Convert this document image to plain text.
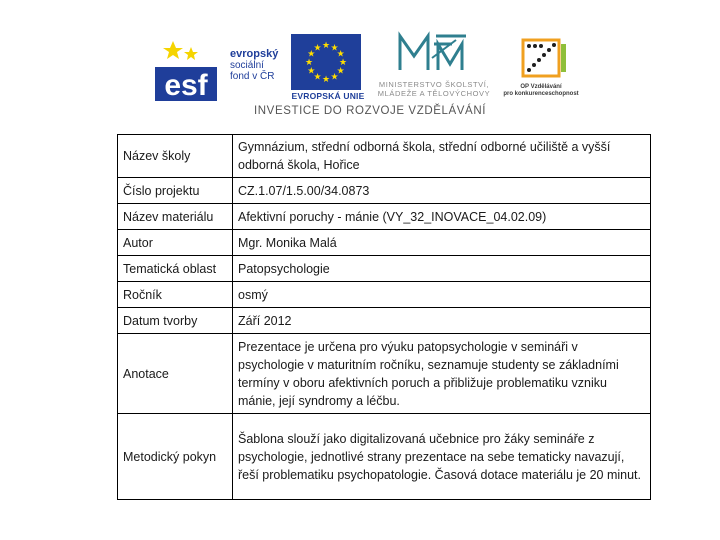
esf
evropský
sociální
fond v ČR
★ ★
★
★
★
★
★
★
★
★
★
★
EVROPSKÁ UNIE
MINISTERSTVO ŠKOLSTVÍ,
MLÁDEŽE A TĚLOVÝCHOVY
OP Vzdělávání
pro konkurenceschopnost
INVESTICE DO ROZVOJE VZDĚLÁVÁNÍ
Název školy	Gymnázium, střední odborná škola, střední odborné učiliště a vyšší odborná škola, Hořice
Číslo projektu	CZ.1.07/1.5.00/34.0873
Název materiálu	Afektivní poruchy - mánie (VY_32_INOVACE_04.02.09)
Autor	Mgr. Monika Malá
Tematická oblast	Patopsychologie
Ročník	osmý
Datum tvorby	Září 2012
Anotace	Prezentace je určena pro výuku patopsychologie v semináři v psychologie v maturitním ročníku, seznamuje studenty se základními termíny v oboru afektivních poruch a přibližuje problematiku vzniku mánie, její syndromy a léčbu.
Metodický pokyn	Šablona slouží jako digitalizovaná učebnice pro žáky semináře z psychologie, jednotlivé strany prezentace na sebe tematicky navazují, řeší problematiku psychopatologie. Časová dotace materiálu je 20 minut.
